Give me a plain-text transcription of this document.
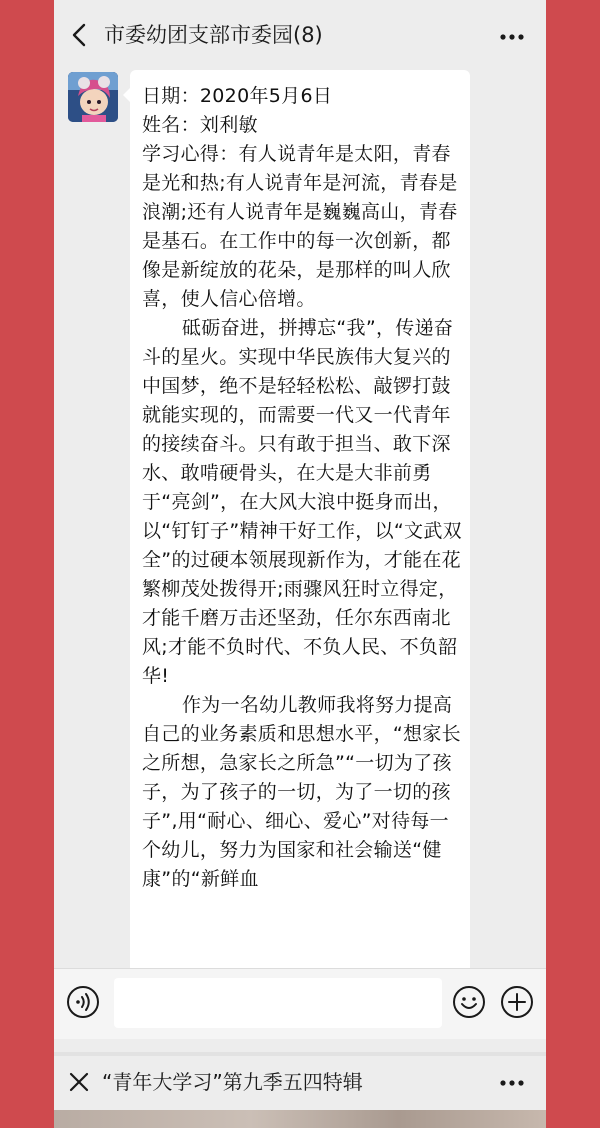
市委幼团支部市委园(8)
日期：2020年5月6日
姓名：刘利敏
学习心得：有人说青年是太阳，青春是光和热;有人说青年是河流，青春是浪潮;还有人说青年是巍巍高山，青春是基石。在工作中的每一次创新，都像是新绽放的花朵，是那样的叫人欣喜，使人信心倍增。
砥砺奋进，拼搏忘“我”，传递奋斗的星火。实现中华民族伟大复兴的中国梦，绝不是轻轻松松、敲锣打鼓就能实现的，而需要一代又一代青年的接续奋斗。只有敢于担当、敢下深水、敢啃硬骨头，在大是大非前勇于“亮剑”，在大风大浪中挺身而出，以“钉钉子”精神干好工作，以“文武双全”的过硬本领展现新作为，才能在花繁柳茂处拨得开;雨骤风狂时立得定，才能千磨万击还坚劲，任尔东西南北风;才能不负时代、不负人民、不负韶华!
作为一名幼儿教师我将努力提高自己的业务素质和思想水平，“想家长之所想，急家长之所急”“一切为了孩子，为了孩子的一切，为了一切的孩子”,用“耐心、细心、爱心”对待每一个幼儿，努力为国家和社会输送“健康”的“新鲜血
“青年大学习”第九季五四特辑
